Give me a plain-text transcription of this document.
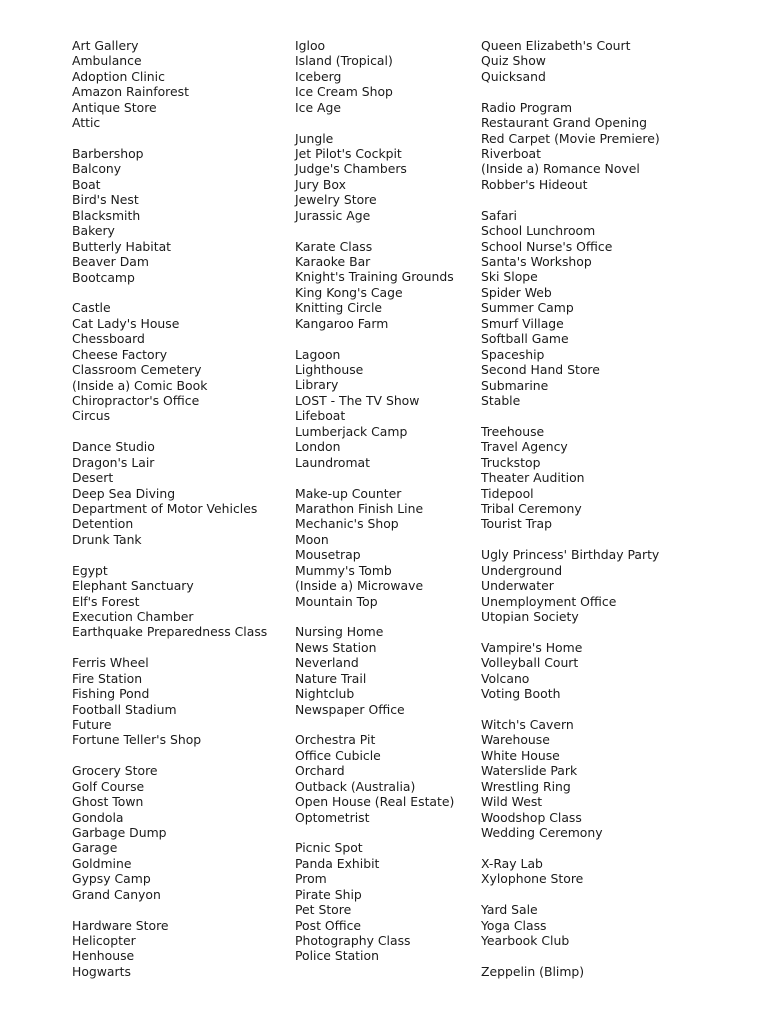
Art Gallery
Ambulance
Adoption Clinic
Amazon Rainforest
Antique Store
Attic
Barbershop
Balcony
Boat
Bird's Nest
Blacksmith
Bakery
Butterly Habitat
Beaver Dam
Bootcamp
Castle
Cat Lady's House
Chessboard
Cheese Factory
Classroom Cemetery
(Inside a) Comic Book
Chiropractor's Office
Circus
Dance Studio
Dragon's Lair
Desert
Deep Sea Diving
Department of Motor Vehicles
Detention
Drunk Tank
Egypt
Elephant Sanctuary
Elf's Forest
Execution Chamber
Earthquake Preparedness Class
Ferris Wheel
Fire Station
Fishing Pond
Football Stadium
Future
Fortune Teller's Shop
Grocery Store
Golf Course
Ghost Town
Gondola
Garbage Dump
Garage
Goldmine
Gypsy Camp
Grand Canyon
Hardware Store
Helicopter
Henhouse
Hogwarts
Igloo
Island (Tropical)
Iceberg
Ice Cream Shop
Ice Age
Jungle
Jet Pilot's Cockpit
Judge's Chambers
Jury Box
Jewelry Store
Jurassic Age
Karate Class
Karaoke Bar
Knight's Training Grounds
King Kong's Cage
Knitting Circle
Kangaroo Farm
Lagoon
Lighthouse
Library
LOST - The TV Show
Lifeboat
Lumberjack Camp
London
Laundromat
Make-up Counter
Marathon Finish Line
Mechanic's Shop
Moon
Mousetrap
Mummy's Tomb
(Inside a) Microwave
Mountain Top
Nursing Home
News Station
Neverland
Nature Trail
Nightclub
Newspaper Office
Orchestra Pit
Office Cubicle
Orchard
Outback (Australia)
Open House (Real Estate)
Optometrist
Picnic Spot
Panda Exhibit
Prom
Pirate Ship
Pet Store
Post Office
Photography Class
Police Station
Queen Elizabeth's Court
Quiz Show
Quicksand
Radio Program
Restaurant Grand Opening
Red Carpet (Movie Premiere)
Riverboat
(Inside a) Romance Novel
Robber's Hideout
Safari
School Lunchroom
School Nurse's Office
Santa's Workshop
Ski Slope
Spider Web
Summer Camp
Smurf Village
Softball Game
Spaceship
Second Hand Store
Submarine
Stable
Treehouse
Travel Agency
Truckstop
Theater Audition
Tidepool
Tribal Ceremony
Tourist Trap
Ugly Princess' Birthday Party
Underground
Underwater
Unemployment Office
Utopian Society
Vampire's Home
Volleyball Court
Volcano
Voting Booth
Witch's Cavern
Warehouse
White House
Waterslide Park
Wrestling Ring
Wild West
Woodshop Class
Wedding Ceremony
X-Ray Lab
Xylophone Store
Yard Sale
Yoga Class
Yearbook Club
Zeppelin (Blimp)
